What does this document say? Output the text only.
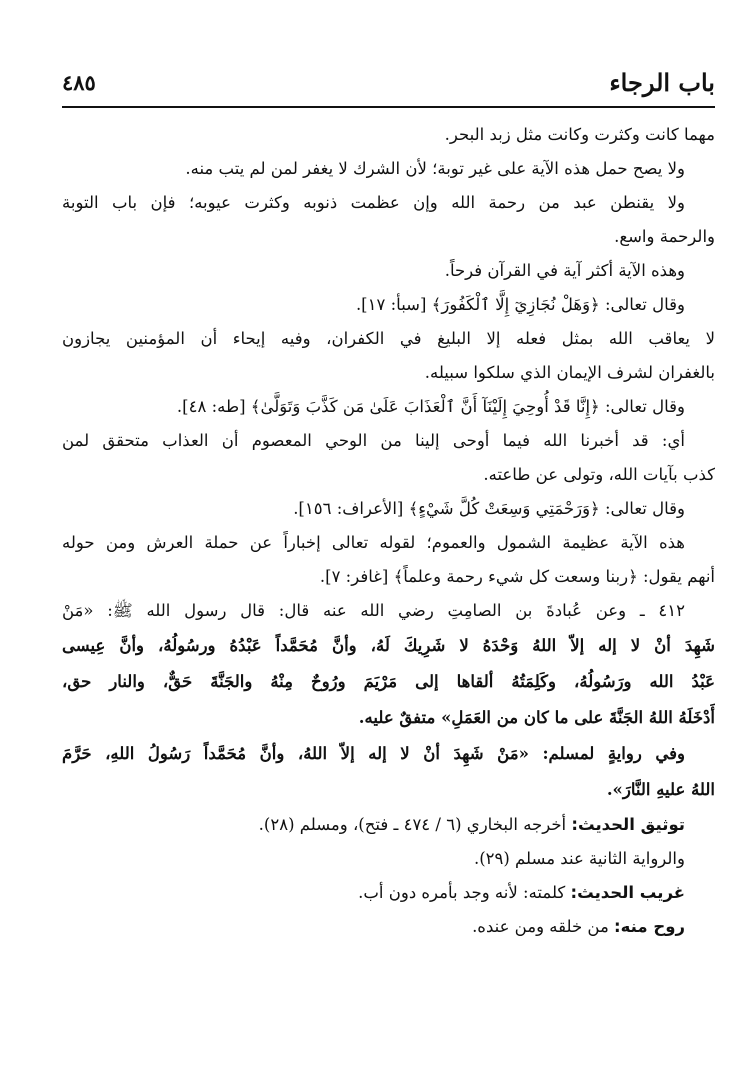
باب الرجاء
٤٨٥
مهما كانت وكثرت وكانت مثل زبد البحر.
ولا يصح حمل هذه الآية على غير توبة؛ لأن الشرك لا يغفر لمن لم يتب منه.
ولا يقنطن عبد من رحمة الله وإن عظمت ذنوبه وكثرت عيوبه؛ فإن باب التوبة
والرحمة واسع.
وهذه الآية أكثر آية في القرآن فرحاً.
وقال تعالى: ﴿وَهَلْ نُجَازِيٓ إِلَّا ٱلْكَفُورَ﴾ [سبأ: ١٧].
لا يعاقب الله بمثل فعله إلا البليغ في الكفران، وفيه إيحاء أن المؤمنين يجازون
بالغفران لشرف الإيمان الذي سلكوا سبيله.
وقال تعالى: ﴿إِنَّا قَدْ أُوحِيَ إِلَيْنَآ أَنَّ ٱلْعَذَابَ عَلَىٰ مَن كَذَّبَ وَتَوَلَّىٰ﴾ [طه: ٤٨].
أي: قد أخبرنا الله فيما أوحى إلينا من الوحي المعصوم أن العذاب متحقق لمن
كذب بآيات الله، وتولى عن طاعته.
وقال تعالى: ﴿وَرَحْمَتِي وَسِعَتْ كُلَّ شَيْءٍ﴾ [الأعراف: ١٥٦].
هذه الآية عظيمة الشمول والعموم؛ لقوله تعالى إخباراً عن حملة العرش ومن حوله
أنهم يقول: ﴿ربنا وسعت كل شيء رحمة وعلماً﴾ [غافر: ٧].
٤١٢ ـ وعن عُبادةَ بن الصامِتِ رضي الله عنه قال: قال رسول الله ﷺ: «مَنْ
شَهِدَ أنْ لا إله إلاّ اللهُ وَحْدَهُ لا شَرِيكَ لَهُ، وأنَّ مُحَمَّداً عَبْدُهُ ورسُولُهُ، وأنَّ عِيسى
عَبْدُ الله ورَسُولُهُ، وكَلِمَتُهُ ألقاها إلى مَرْيَمَ ورُوحٌ مِنْهُ والجَنَّةَ حَقٌّ، والنار حق،
أَدْخَلَهُ اللهُ الجَنَّةَ على ما كان من العَمَلِ» متفقٌ عليه.
وفي روايةٍ لمسلم: «مَنْ شَهِدَ أنْ لا إله إلاّ اللهُ، وأنَّ مُحَمَّداً رَسُولُ اللهِ، حَرَّمَ
اللهُ عليهِ النَّارَ».
توثيق الحديث: أخرجه البخاري (٦ / ٤٧٤ ـ فتح)، ومسلم (٢٨).
والرواية الثانية عند مسلم (٢٩).
غريب الحديث: كلمته: لأنه وجد بأمره دون أب.
روح منه: من خلقه ومن عنده.
